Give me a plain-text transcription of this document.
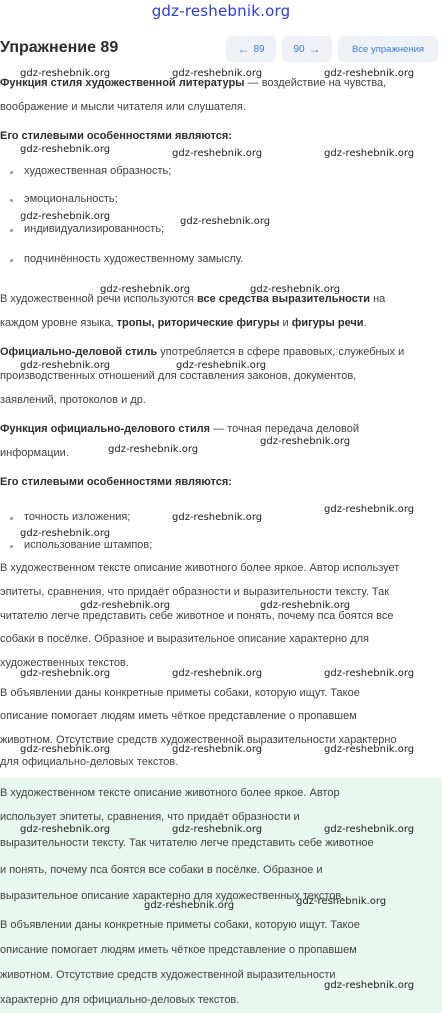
gdz-reshebnik.org
Упражнение 89	← 89	90 →	Все упражнения
Функция стиля художественной литературы — воздействие на чувства,
воображение и мысли читателя или слушателя.
Его стилевыми особенностями являются:
художественная образность;
эмоциональность;
индивидуализированность;
подчинённость художественному замыслу.
В художественной речи используются все средства выразительности на
каждом уровне языка, тропы, риторические фигуры и фигуры речи.
Официально-деловой стиль употребляется в сфере правовых, служебных и
производственных отношений для составления законов, документов,
заявлений, протоколов и др.
Функция официально-делового стиля — точная передача деловой
информации.
Его стилевыми особенностями являются:
точность изложения;
использование штампов;
В художественном тексте описание животного более яркое. Автор использует
эпитеты, сравнения, что придаёт образности и выразительности тексту. Так
читателю легче представить себе животное и понять, почему пса боятся все
собаки в посёлке. Образное и выразительное описание характерно для
художественных текстов.
В объявлении даны конкретные приметы собаки, которую ищут. Такое
описание помогает людям иметь чёткое представление о пропавшем
животном. Отсутствие средств художественной выразительности характерно
для официально-деловых текстов.
В художественном тексте описание животного более яркое. Автор
использует эпитеты, сравнения, что придаёт образности и
выразительности тексту. Так читателю легче представить себе животное
и понять, почему пса боятся все собаки в посёлке. Образное и
выразительное описание характерно для художественных текстов.
В объявлении даны конкретные приметы собаки, которую ищут. Такое
описание помогает людям иметь чёткое представление о пропавшем
животном. Отсутствие средств художественной выразительности
характерно для официально-деловых текстов.
gdz-reshebnik.org	gdz-reshebnik.org	gdz-reshebnik.org
gdz-reshebnik.org	gdz-reshebnik.org	gdz-reshebnik.org
gdz-reshebnik.org	gdz-reshebnik.org
gdz-reshebnik.org	gdz-reshebnik.org
gdz-reshebnik.org	gdz-reshebnik.org
gdz-reshebnik.org
gdz-reshebnik.org
gdz-reshebnik.org
gdz-reshebnik.org
gdz-reshebnik.org
gdz-reshebnik.org	gdz-reshebnik.org
gdz-reshebnik.org	gdz-reshebnik.org	gdz-reshebnik.org
gdz-reshebnik.org	gdz-reshebnik.org	gdz-reshebnik.org
gdz-reshebnik.org	gdz-reshebnik.org	gdz-reshebnik.org
gdz-reshebnik.org	gdz-reshebnik.org
gdz-reshebnik.org
